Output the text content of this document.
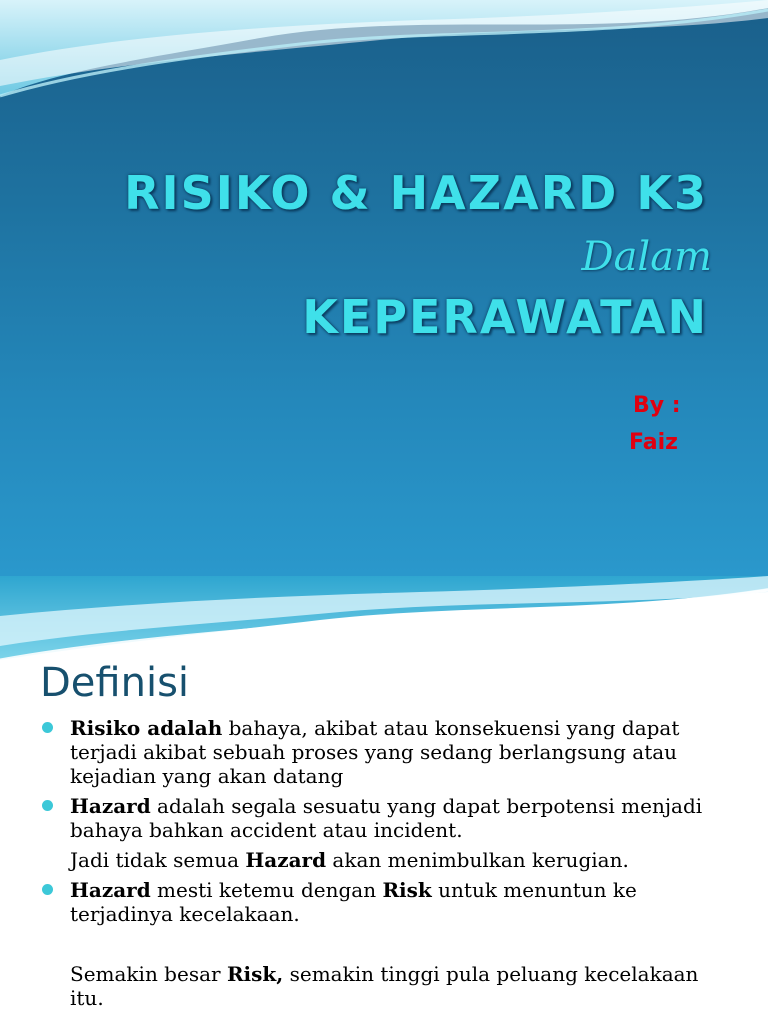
RISIKO & HAZARD K3
Dalam
KEPERAWATAN
By :
Faiz
Definisi
Risiko adalah bahaya, akibat atau konsekuensi yang dapat terjadi akibat sebuah proses yang sedang berlangsung atau kejadian yang akan datang
Hazard adalah segala sesuatu yang dapat berpotensi menjadi bahaya bahkan accident atau incident.
Jadi tidak semua Hazard akan menimbulkan kerugian.
Hazard mesti ketemu dengan Risk untuk menuntun ke terjadinya kecelakaan.
Semakin besar Risk, semakin tinggi pula peluang kecelakaan itu.
